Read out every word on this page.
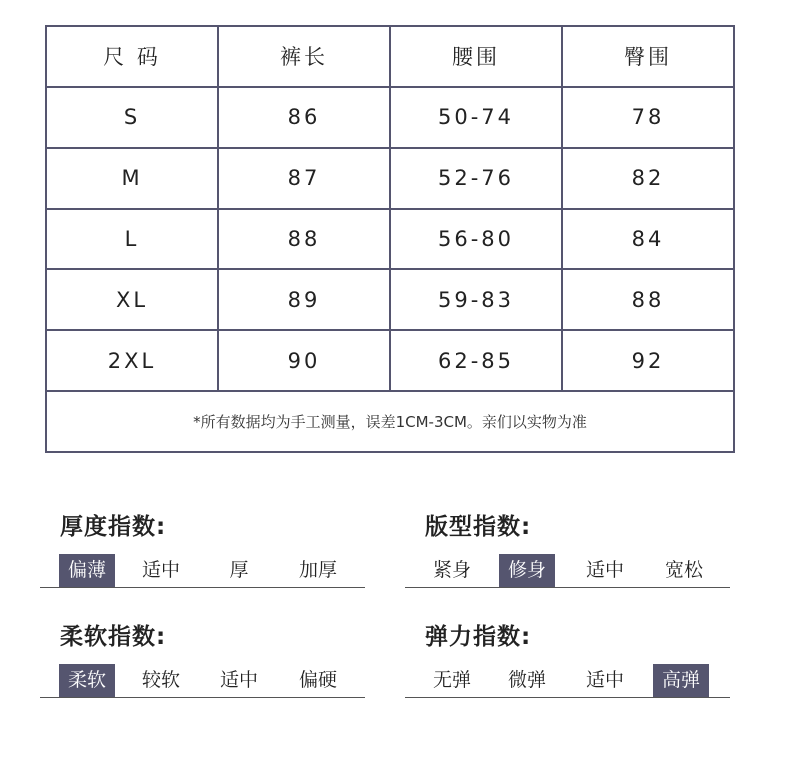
尺 码	裤长	腰围	臀围
S	86	50-74	78
M	87	52-76	82
L	88	56-80	84
XL	89	59-83	88
2XL	90	62-85	92
*所有数据均为手工测量，误差1CM-3CM。亲们以实物为准			
厚度指数:
偏薄	适中	厚	加厚
版型指数:
紧身	修身	适中	宽松
柔软指数:
柔软	较软	适中	偏硬
弹力指数:
无弹	微弹	适中	高弹
